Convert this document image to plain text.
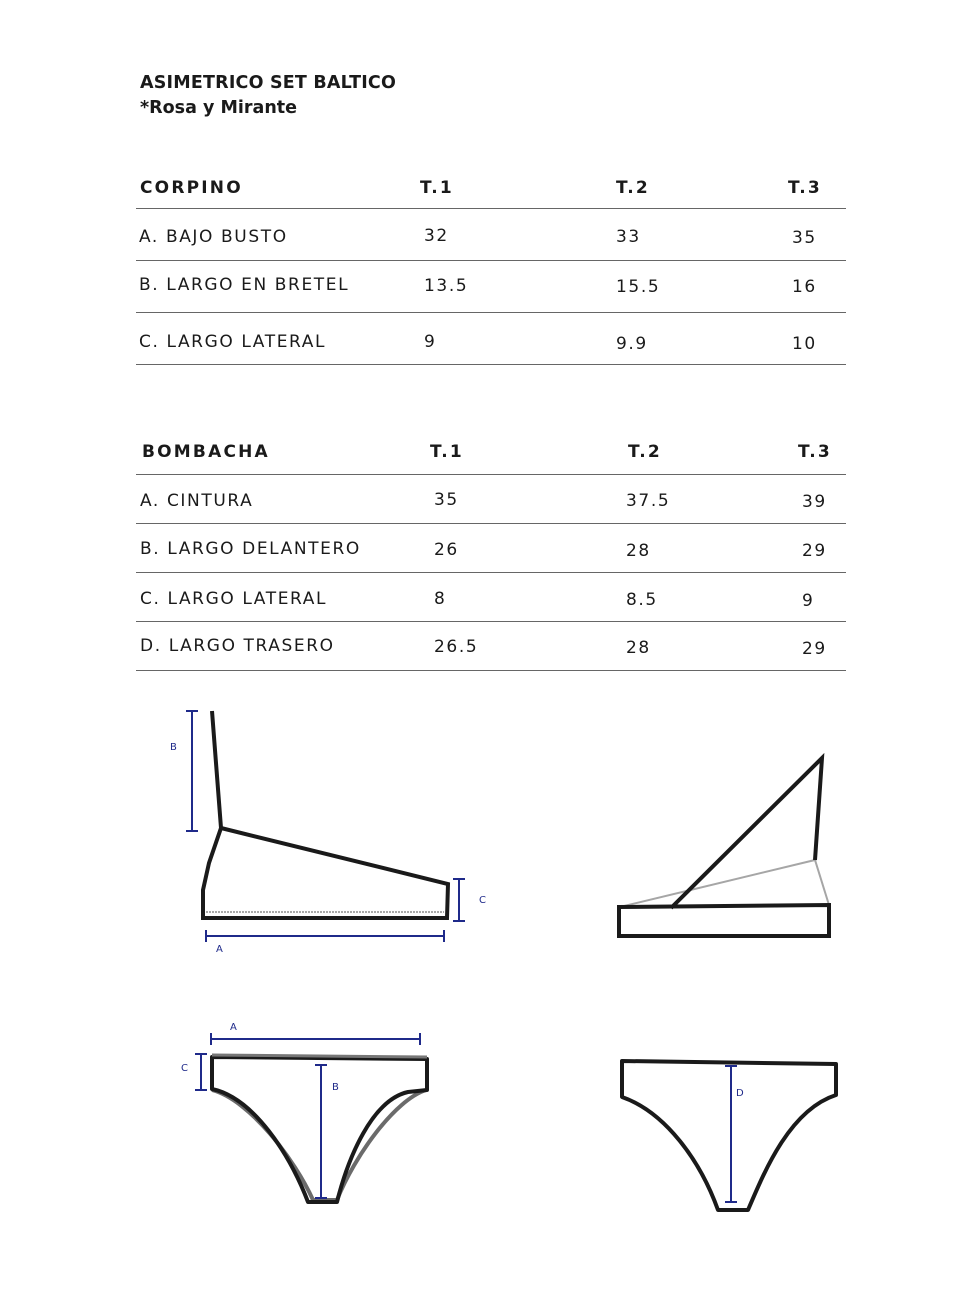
ASIMETRICO SET BALTICO
*Rosa y Mirante
CORPINO	T.1	T.2	T.3
A. BAJO BUSTO	32	33	35
B. LARGO EN BRETEL	13.5	15.5	16
C. LARGO LATERAL	9	9.9	10
BOMBACHA	T.1	T.2	T.3
A. CINTURA	35	37.5	39
B. LARGO DELANTERO	26	28	29
C. LARGO LATERAL	8	8.5	9
D. LARGO TRASERO	26.5	28	29
B
C
A
A
C
B
D
